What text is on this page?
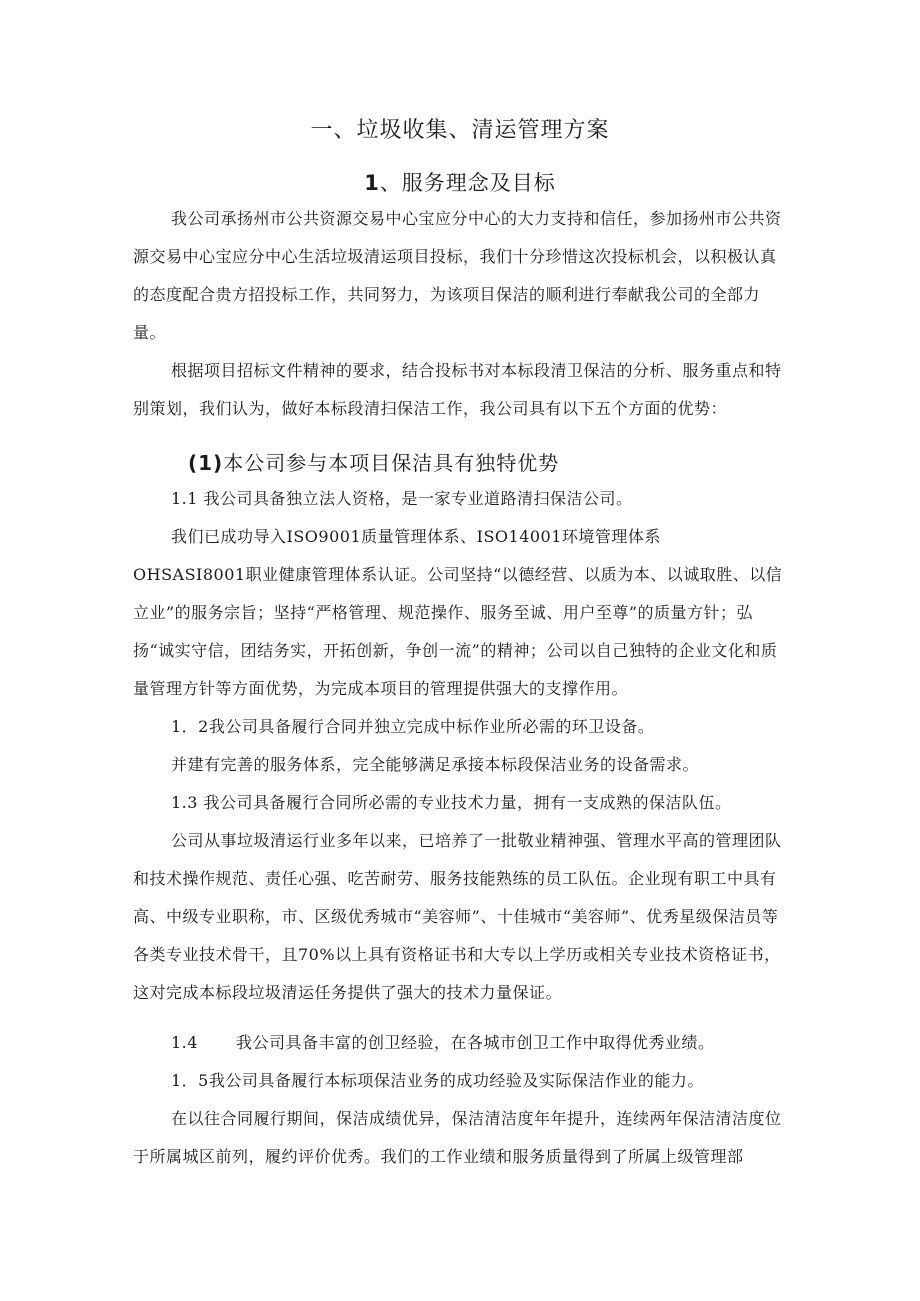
一、垃圾收集、清运管理方案
1、服务理念及目标

我公司承扬州市公共资源交易中心宝应分中心的大力支持和信任，参加扬州市公共资源交易中心宝应分中心生活垃圾清运项目投标，我们十分珍惜这次投标机会，以积极认真的态度配合贵方招投标工作，共同努力，为该项目保洁的顺利进行奉献我公司的全部力量。

根据项目招标文件精神的要求，结合投标书对本标段清卫保洁的分析、服务重点和特别策划，我们认为，做好本标段清扫保洁工作，我公司具有以下五个方面的优势：

(1)本公司参与本项目保洁具有独特优势
1.1 我公司具备独立法人资格，是一家专业道路清扫保洁公司。
我们已成功导入ISO9001质量管理体系、ISO14001环境管理体系

OHSASI8001职业健康管理体系认证。公司坚持“以德经营、以质为本、以诚取胜、以信立业”的服务宗旨；坚持“严格管理、规范操作、服务至诚、用户至尊”的质量方针；弘扬“诚实守信，团结务实，开拓创新，争创一流”的精神；公司以自己独特的企业文化和质量管理方针等方面优势，为完成本项目的管理提供强大的支撑作用。

1．2我公司具备履行合同并独立完成中标作业所必需的环卫设备。
并建有完善的服务体系，完全能够满足承接本标段保洁业务的设备需求。
1.3 我公司具备履行合同所必需的专业技术力量，拥有一支成熟的保洁队伍。

公司从事垃圾清运行业多年以来，已培养了一批敬业精神强、管理水平高的管理团队和技术操作规范、责任心强、吃苦耐劳、服务技能熟练的员工队伍。企业现有职工中具有高、中级专业职称，市、区级优秀城市“美容师”、十佳城市“美容师”、优秀星级保洁员等各类专业技术骨干，且70%以上具有资格证书和大专以上学历或相关专业技术资格证书，这对完成本标段垃圾清运任务提供了强大的技术力量保证。

1.4 我公司具备丰富的创卫经验，在各城市创卫工作中取得优秀业绩。
1．5我公司具备履行本标项保洁业务的成功经验及实际保洁作业的能力。

在以往合同履行期间，保洁成绩优异，保洁清洁度年年提升，连续两年保洁清洁度位于所属城区前列，履约评价优秀。我们的工作业绩和服务质量得到了所属上级管理部
